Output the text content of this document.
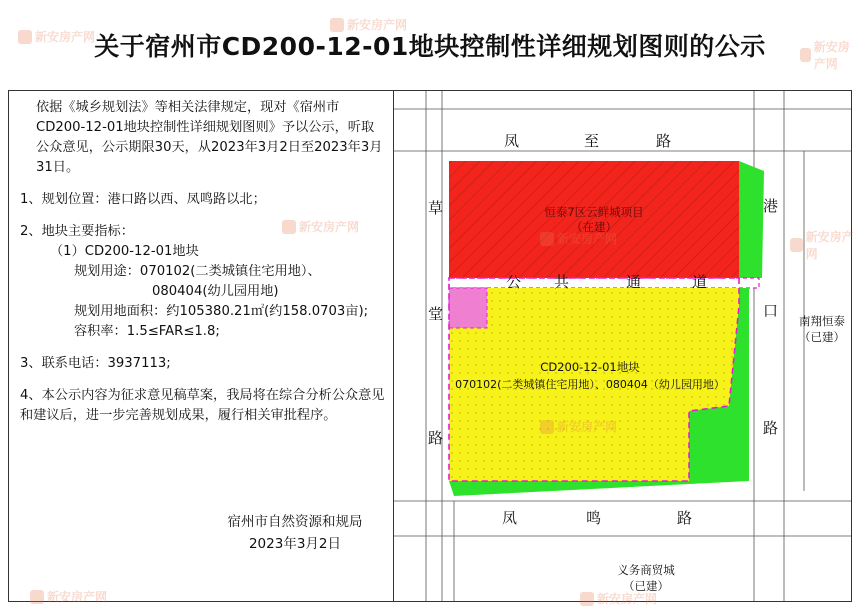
关于宿州市CD200-12-01地块控制性详细规划图则的公示

依据《城乡规划法》等相关法律规定，现对《宿州市CD200-12-01地块控制性详细规划图则》予以公示，听取公众意见，公示期限30天，从2023年3月2日至2023年3月31日。

1、规划位置：港口路以西、凤鸣路以北；

2、地块主要指标：
（1）CD200-12-01地块
规划用途：070102(二类城镇住宅用地）、
080404(幼儿园用地)
规划用地面积：约105380.21㎡(约158.0703亩);
容积率：1.5≤FAR≤1.8;

3、联系电话：3937113;

4、本公示内容为征求意见稿草案，我局将在综合分析公众意见和建议后，进一步完善规划成果，履行相关审批程序。

宿州市自然资源和规局
2023年3月2日
凤	至	路
草
堂
路
港
口
路
凤	鸣	路
公 共	通	道
恒泰7区云鲜城项目
（在建）
CD200-12-01地块
070102(二类城镇住宅用地）、080404（幼儿园用地）
南翔恒泰
（已建）
义务商贸城
（已建）
新安房产网
新安房产网
新安房产网
新安房产网
新安房产网	新安房产网
新安房产网
新安房产网	新安房产网
